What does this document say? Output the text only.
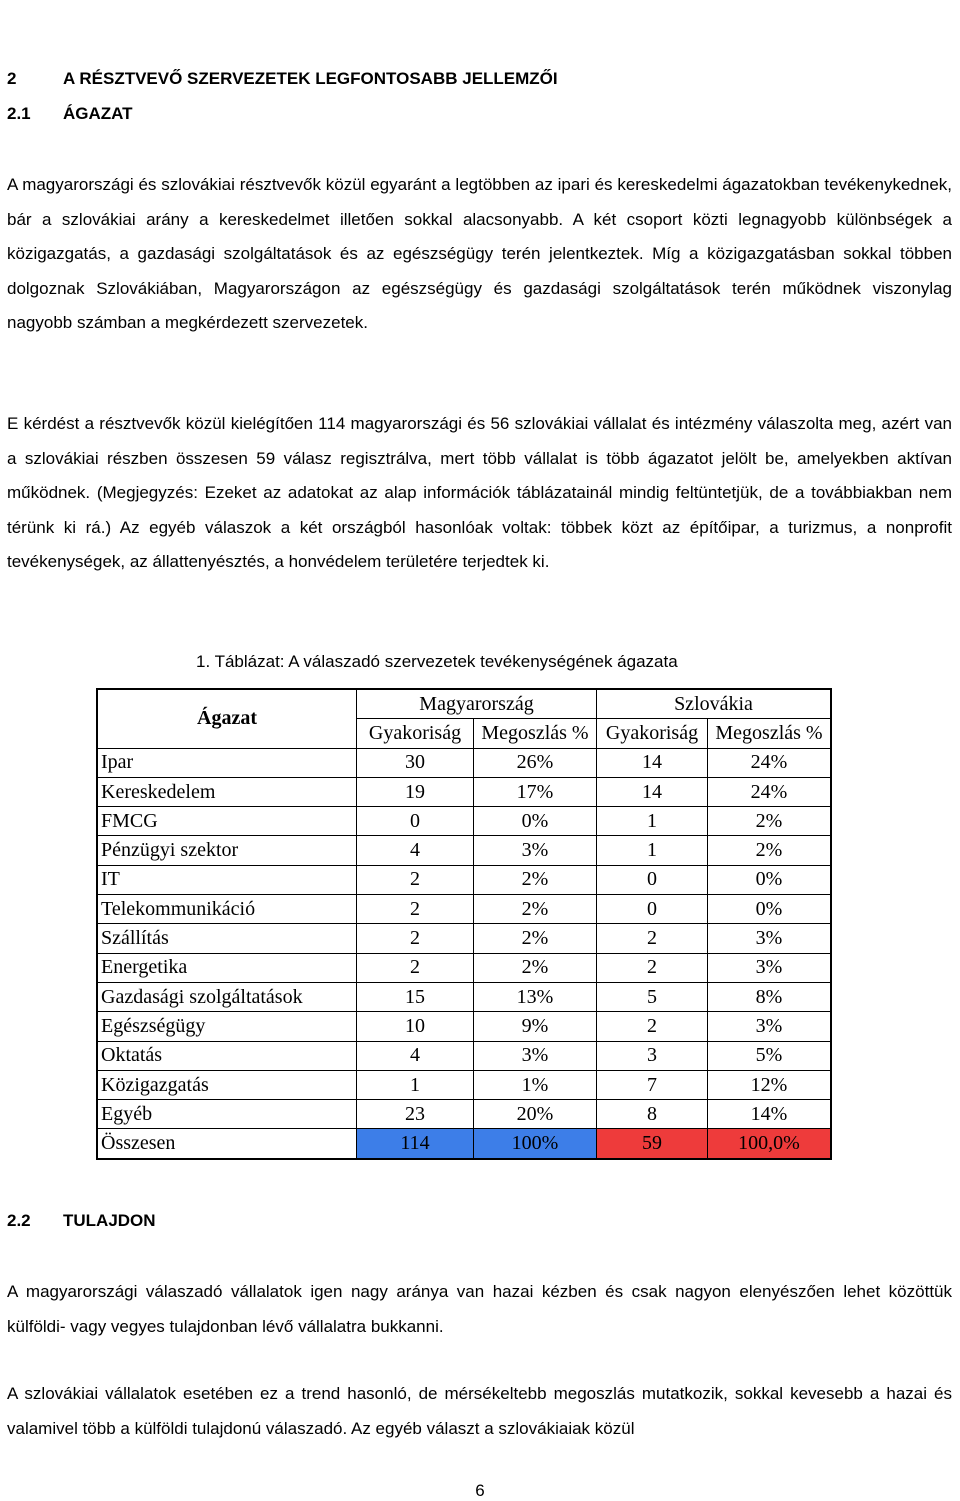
2	A RÉSZTVEVŐ SZERVEZETEK LEGFONTOSABB JELLEMZŐI
2.1 ÁGAZAT

A magyarországi és szlovákiai résztvevők közül egyaránt a legtöbben az ipari és kereskedelmi ágazatokban tevékenykednek, bár a szlovákiai arány a kereskedelmet illetően sokkal alacsonyabb. A két csoport közti legnagyobb különbségek a közigazgatás, a gazdasági szolgáltatások és az egészségügy terén jelentkeztek. Míg a közigazgatásban sokkal többen dolgoznak Szlovákiában, Magyarországon az egészségügy és gazdasági szolgáltatások terén működnek viszonylag nagyobb számban a megkérdezett szervezetek.

E kérdést a résztvevők közül kielégítően 114 magyarországi és 56 szlovákiai vállalat és intézmény válaszolta meg, azért van a szlovákiai részben összesen 59 válasz regisztrálva, mert több vállalat is több ágazatot jelölt be, amelyekben aktívan működnek. (Megjegyzés: Ezeket az adatokat az alap információk táblázatainál mindig feltüntetjük, de a továbbiakban nem térünk ki rá.) Az egyéb válaszok a két országból hasonlóak voltak: többek közt az építőipar, a turizmus, a nonprofit tevékenységek, az állattenyésztés, a honvédelem területére terjedtek ki.

1. Táblázat: A válaszadó szervezetek tevékenységének ágazata
Ágazat	Magyarország		Szlovákia	
	Gyakoriság	Megoszlás %	Gyakoriság	Megoszlás %
Ipar	30	26%	14	24%
Kereskedelem	19	17%	14	24%
FMCG	0	0%	1	2%
Pénzügyi szektor	4	3%	1	2%
IT	2	2%	0	0%
Telekommunikáció	2	2%	0	0%
Szállítás	2	2%	2	3%
Energetika	2	2%	2	3%
Gazdasági szolgáltatások	15	13%	5	8%
Egészségügy	10	9%	2	3%
Oktatás	4	3%	3	5%
Közigazgatás	1	1%	7	12%
Egyéb	23	20%	8	14%
Összesen	114	100%	59	100,0%
2.2 TULAJDON

A magyarországi válaszadó vállalatok igen nagy aránya van hazai kézben és csak nagyon elenyészően lehet közöttük külföldi- vagy vegyes tulajdonban lévő vállalatra bukkanni.

A szlovákiai vállalatok esetében ez a trend hasonló, de mérsékeltebb megoszlás mutatkozik, sokkal kevesebb a hazai és valamivel több a külföldi tulajdonú válaszadó. Az egyéb választ a szlovákiaiak közül

6
